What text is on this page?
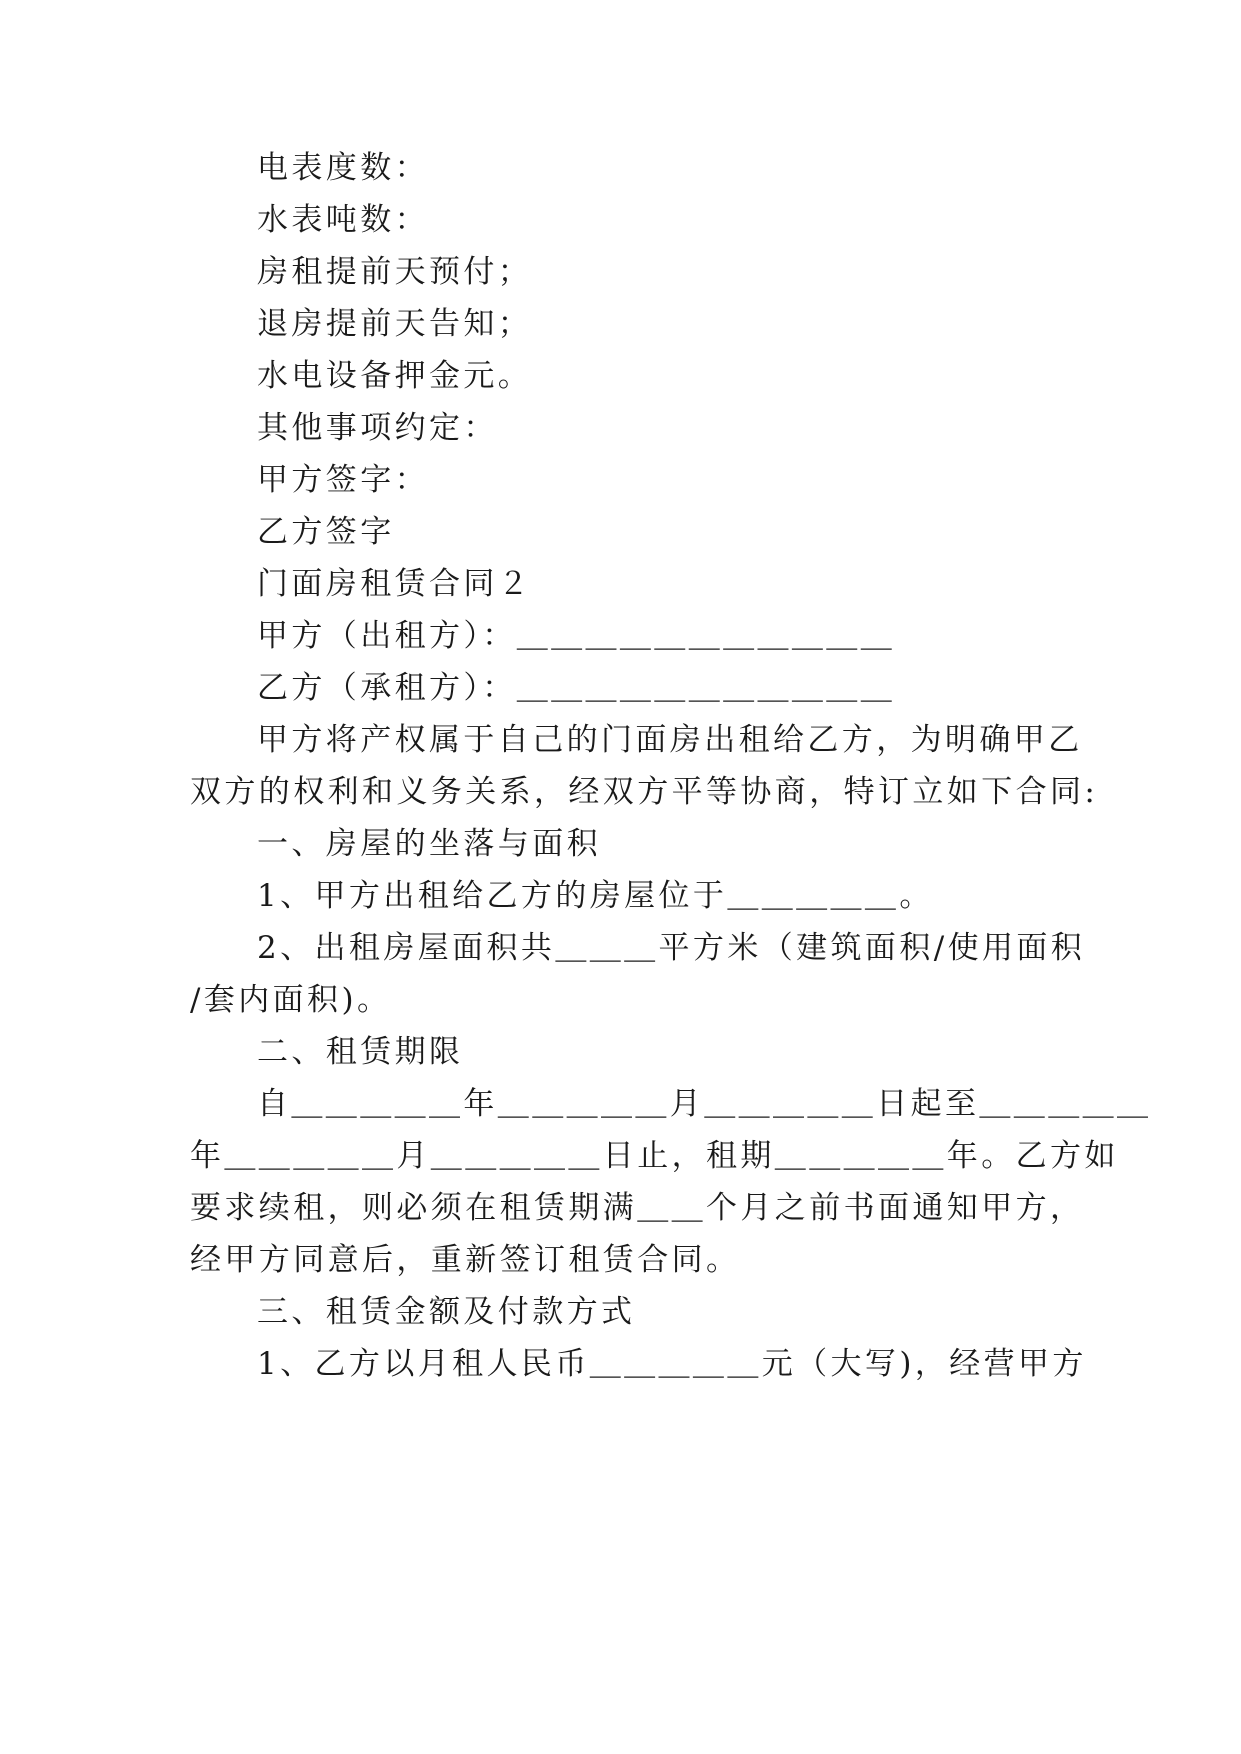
电表度数：

水表吨数：

房租提前天预付；

退房提前天告知；

水电设备押金元。

其他事项约定：

甲方签字：

乙方签字

门面房租赁合同２

甲方（出租方）：＿＿＿＿＿＿＿＿＿＿＿

乙方（承租方）：＿＿＿＿＿＿＿＿＿＿＿

甲方将产权属于自己的门面房出租给乙方，为明确甲乙

双方的权利和义务关系，经双方平等协商，特订立如下合同:

一、房屋的坐落与面积

1、甲方出租给乙方的房屋位于＿＿＿＿＿。

2、出租房屋面积共＿＿＿平方米（建筑面积/使用面积

/套内面积)。

二、租赁期限

自＿＿＿＿＿年＿＿＿＿＿月＿＿＿＿＿日起至＿＿＿＿＿

年＿＿＿＿＿月＿＿＿＿＿日止，租期＿＿＿＿＿年。乙方如

要求续租，则必须在租赁期满＿＿个月之前书面通知甲方，

经甲方同意后，重新签订租赁合同。

三、租赁金额及付款方式

1、乙方以月租人民币＿＿＿＿＿元（大写)，经营甲方
